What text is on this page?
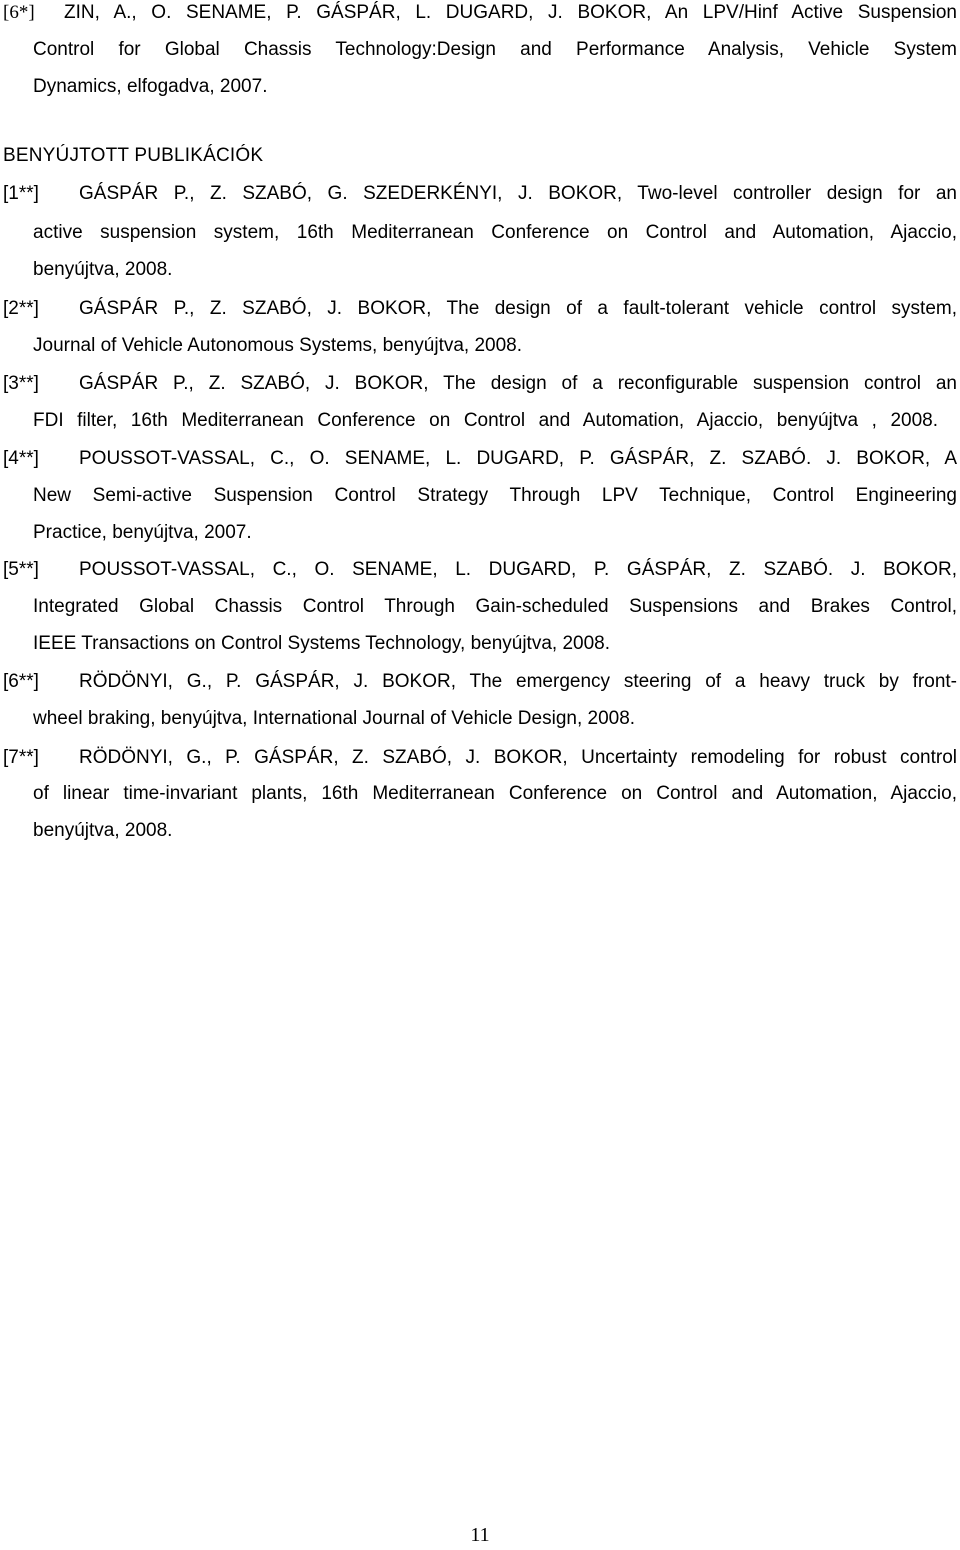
[6*] ZIN, A., O. SENAME, P. GÁSPÁR, L. DUGARD, J. BOKOR, An LPV/Hinf Active Suspension
Control for Global Chassis Technology:Design and Performance Analysis, Vehicle System
Dynamics, elfogadva, 2007.
BENYÚJTOTT PUBLIKÁCIÓK
[1**] GÁSPÁR P., Z. SZABÓ, G. SZEDERKÉNYI, J. BOKOR, Two-level controller design for an
active suspension system, 16th Mediterranean Conference on Control and Automation, Ajaccio,
benyújtva, 2008.
[2**] GÁSPÁR P., Z. SZABÓ, J. BOKOR, The design of a fault-tolerant vehicle control system,
Journal of Vehicle Autonomous Systems, benyújtva, 2008.
[3**] GÁSPÁR P., Z. SZABÓ, J. BOKOR, The design of a reconfigurable suspension control an
FDI filter, 16th Mediterranean Conference on Control and Automation, Ajaccio, benyújtva , 2008.
[4**] POUSSOT-VASSAL, C., O. SENAME, L. DUGARD, P. GÁSPÁR, Z. SZABÓ. J. BOKOR, A
New Semi-active Suspension Control Strategy Through LPV Technique, Control Engineering
Practice, benyújtva, 2007.
[5**] POUSSOT-VASSAL, C., O. SENAME, L. DUGARD, P. GÁSPÁR, Z. SZABÓ. J. BOKOR,
Integrated Global Chassis Control Through Gain-scheduled Suspensions and Brakes Control,
IEEE Transactions on Control Systems Technology, benyújtva, 2008.
[6**] RÖDÖNYI, G., P. GÁSPÁR, J. BOKOR, The emergency steering of a heavy truck by front-
wheel braking, benyújtva, International Journal of Vehicle Design, 2008.
[7**] RÖDÖNYI, G., P. GÁSPÁR, Z. SZABÓ, J. BOKOR, Uncertainty remodeling for robust control
of linear time-invariant plants, 16th Mediterranean Conference on Control and Automation, Ajaccio,
benyújtva, 2008.
11
